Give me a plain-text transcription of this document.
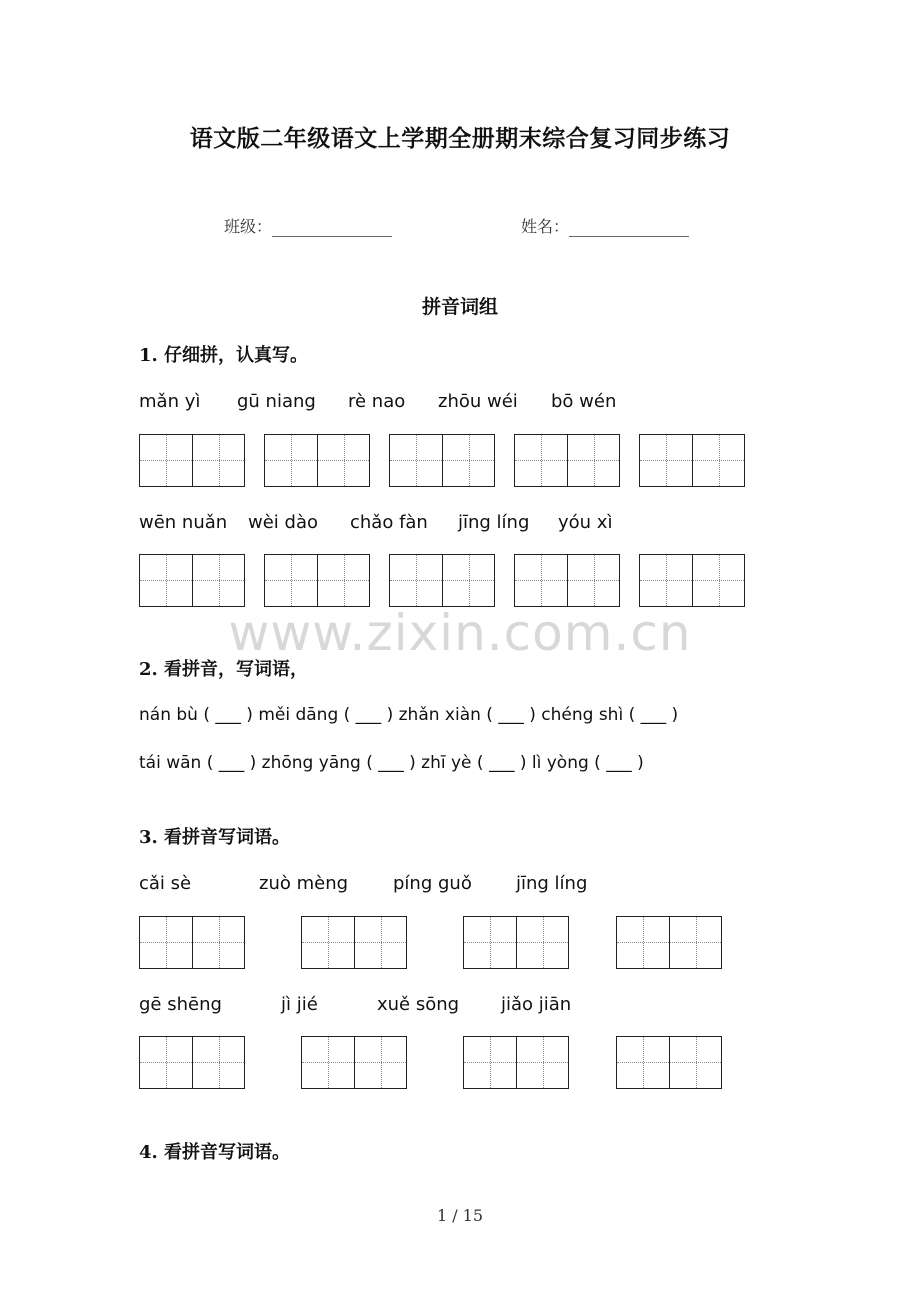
语文版二年级语文上学期全册期末综合复习同步练习
班级：	姓名：
拼音词组
1. 仔细拼，认真写。
mǎn yì gū niang rè nao zhōu wéi bō wén
wēn nuǎn wèi dào chǎo fàn jīng líng yóu xì
www.zixin.com.cn
2. 看拼音，写词语，
nán bù ( ___ ) měi dāng ( ___ ) zhǎn xiàn ( ___ ) chéng shì ( ___ )
tái wān ( ___ ) zhōng yāng ( ___ ) zhī yè ( ___ ) lì yòng ( ___ )
3. 看拼音写词语。
cǎi sè	zuò mèng píng guǒ jīng líng
gē shēng	jì jié	xuě sōng jiǎo jiān
4. 看拼音写词语。
1 / 15
